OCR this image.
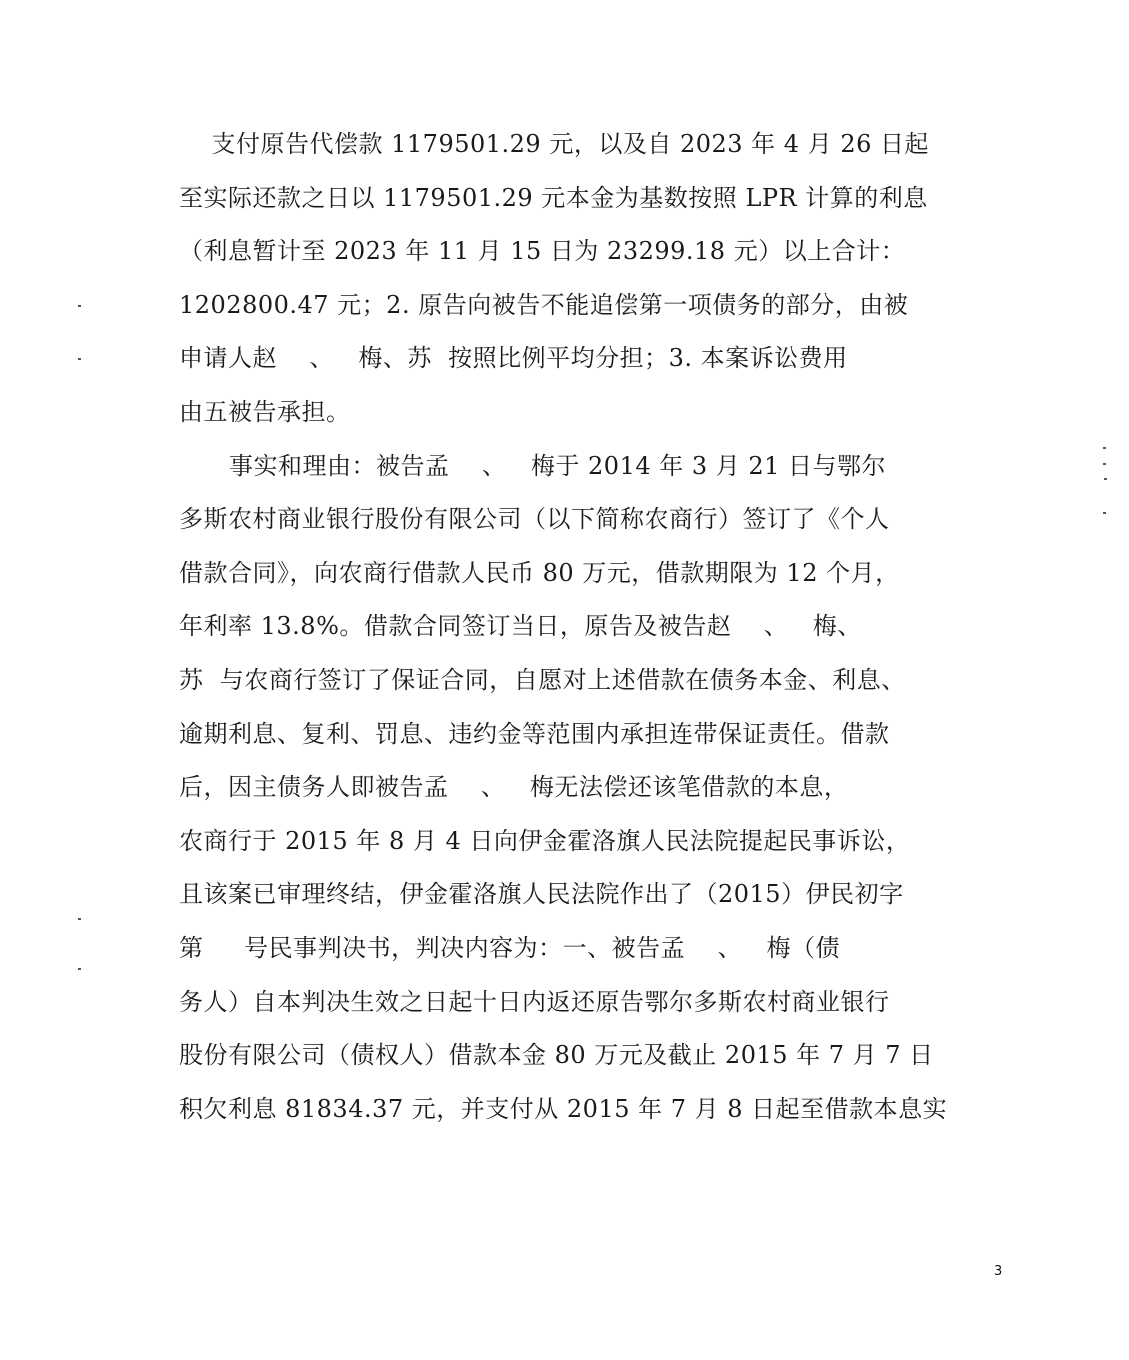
支付原告代偿款 1179501.29 元，以及自 2023 年 4 月 26 日起
至实际还款之日以 1179501.29 元本金为基数按照 LPR 计算的利息
（利息暂计至 2023 年 11 月 15 日为 23299.18 元）以上合计：
1202800.47 元；2. 原告向被告不能追偿第一项债务的部分，由被
申请人赵    、   梅、苏  按照比例平均分担；3. 本案诉讼费用
由五被告承担。
事实和理由：被告孟    、   梅于 2014 年 3 月 21 日与鄂尔
多斯农村商业银行股份有限公司（以下简称农商行）签订了《个人
借款合同》，向农商行借款人民币 80 万元，借款期限为 12 个月，
年利率 13.8%。借款合同签订当日，原告及被告赵    、   梅、
苏  与农商行签订了保证合同，自愿对上述借款在债务本金、利息、
逾期利息、复利、罚息、违约金等范围内承担连带保证责任。借款
后，因主债务人即被告孟    、   梅无法偿还该笔借款的本息，
农商行于 2015 年 8 月 4 日向伊金霍洛旗人民法院提起民事诉讼，
且该案已审理终结，伊金霍洛旗人民法院作出了（2015）伊民初字
第     号民事判决书，判决内容为：一、被告孟    、   梅（债
务人）自本判决生效之日起十日内返还原告鄂尔多斯农村商业银行
股份有限公司（债权人）借款本金 80 万元及截止 2015 年 7 月 7 日
积欠利息 81834.37 元，并支付从 2015 年 7 月 8 日起至借款本息实
3
